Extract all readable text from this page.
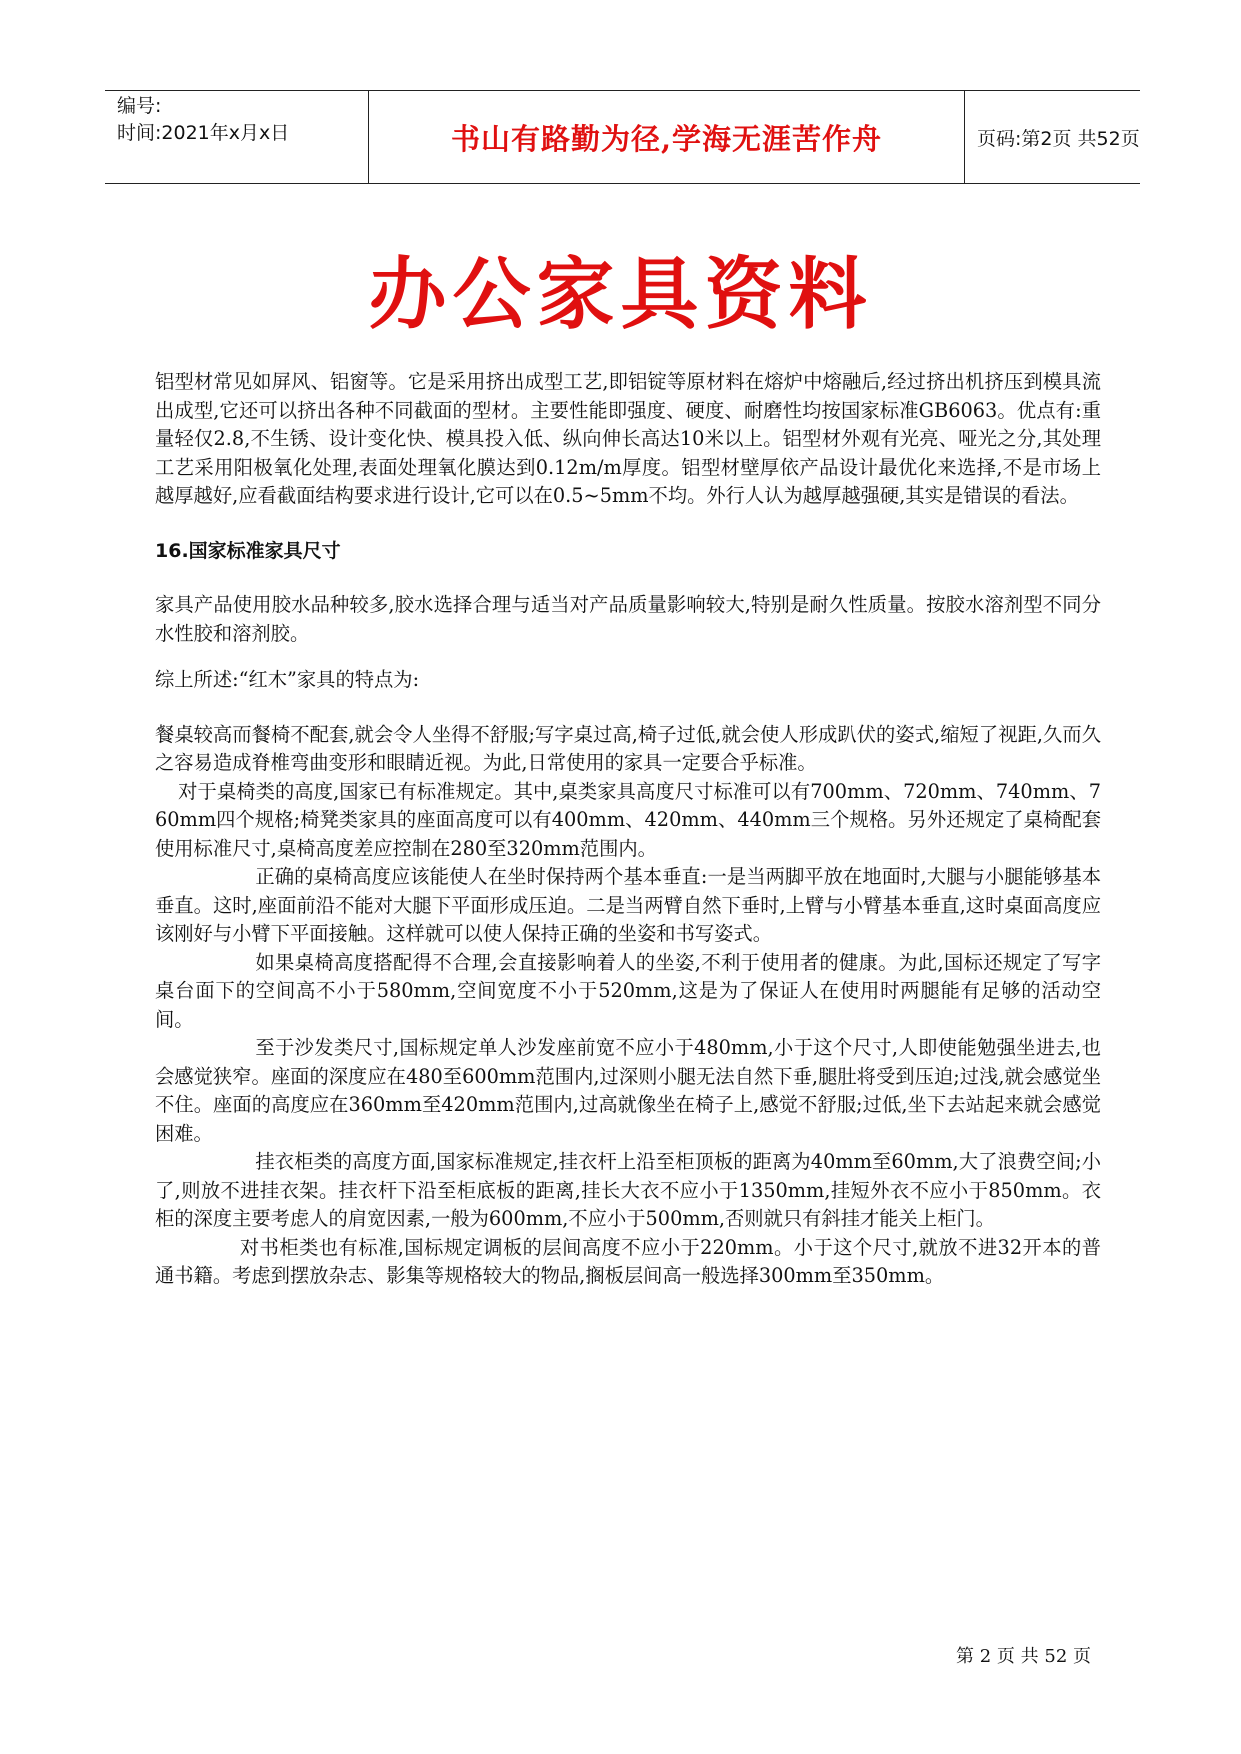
编号:
时间:2021年x月x日	书山有路勤为径,学海无涯苦作舟	页码:第2页 共52页
办公家具资料

铝型材常见如屏风、铝窗等。它是采用挤出成型工艺,即铝锭等原材料在熔炉中熔融后,经过挤出机挤压到模具流出成型,它还可以挤出各种不同截面的型材。主要性能即强度、硬度、耐磨性均按国家标准GB6063。优点有:重量轻仅2.8,不生锈、设计变化快、模具投入低、纵向伸长高达10米以上。铝型材外观有光亮、哑光之分,其处理工艺采用阳极氧化处理,表面处理氧化膜达到0.12m/m厚度。铝型材壁厚依产品设计最优化来选择,不是市场上越厚越好,应看截面结构要求进行设计,它可以在0.5~5mm不均。外行人认为越厚越强硬,其实是错误的看法。

16.国家标准家具尺寸

家具产品使用胶水品种较多,胶水选择合理与适当对产品质量影响较大,特别是耐久性质量。按胶水溶剂型不同分水性胶和溶剂胶。

综上所述:“红木”家具的特点为:

餐桌较高而餐椅不配套,就会令人坐得不舒服;写字桌过高,椅子过低,就会使人形成趴伏的姿式,缩短了视距,久而久之容易造成脊椎弯曲变形和眼睛近视。为此,日常使用的家具一定要合乎标准。

对于桌椅类的高度,国家已有标准规定。其中,桌类家具高度尺寸标准可以有700mm、720mm、740mm、760mm四个规格;椅凳类家具的座面高度可以有400mm、420mm、440mm三个规格。另外还规定了桌椅配套使用标准尺寸,桌椅高度差应控制在280至320mm范围内。

正确的桌椅高度应该能使人在坐时保持两个基本垂直:一是当两脚平放在地面时,大腿与小腿能够基本垂直。这时,座面前沿不能对大腿下平面形成压迫。二是当两臂自然下垂时,上臂与小臂基本垂直,这时桌面高度应该刚好与小臂下平面接触。这样就可以使人保持正确的坐姿和书写姿式。

如果桌椅高度搭配得不合理,会直接影响着人的坐姿,不利于使用者的健康。为此,国标还规定了写字桌台面下的空间高不小于580mm,空间宽度不小于520mm,这是为了保证人在使用时两腿能有足够的活动空间。

至于沙发类尺寸,国标规定单人沙发座前宽不应小于480mm,小于这个尺寸,人即使能勉强坐进去,也会感觉狭窄。座面的深度应在480至600mm范围内,过深则小腿无法自然下垂,腿肚将受到压迫;过浅,就会感觉坐不住。座面的高度应在360mm至420mm范围内,过高就像坐在椅子上,感觉不舒服;过低,坐下去站起来就会感觉困难。

挂衣柜类的高度方面,国家标准规定,挂衣杆上沿至柜顶板的距离为40mm至60mm,大了浪费空间;小了,则放不进挂衣架。挂衣杆下沿至柜底板的距离,挂长大衣不应小于1350mm,挂短外衣不应小于850mm。衣柜的深度主要考虑人的肩宽因素,一般为600mm,不应小于500mm,否则就只有斜挂才能关上柜门。

对书柜类也有标准,国标规定调板的层间高度不应小于220mm。小于这个尺寸,就放不进32开本的普通书籍。考虑到摆放杂志、影集等规格较大的物品,搁板层间高一般选择300mm至350mm。

第 2 页 共 52 页
